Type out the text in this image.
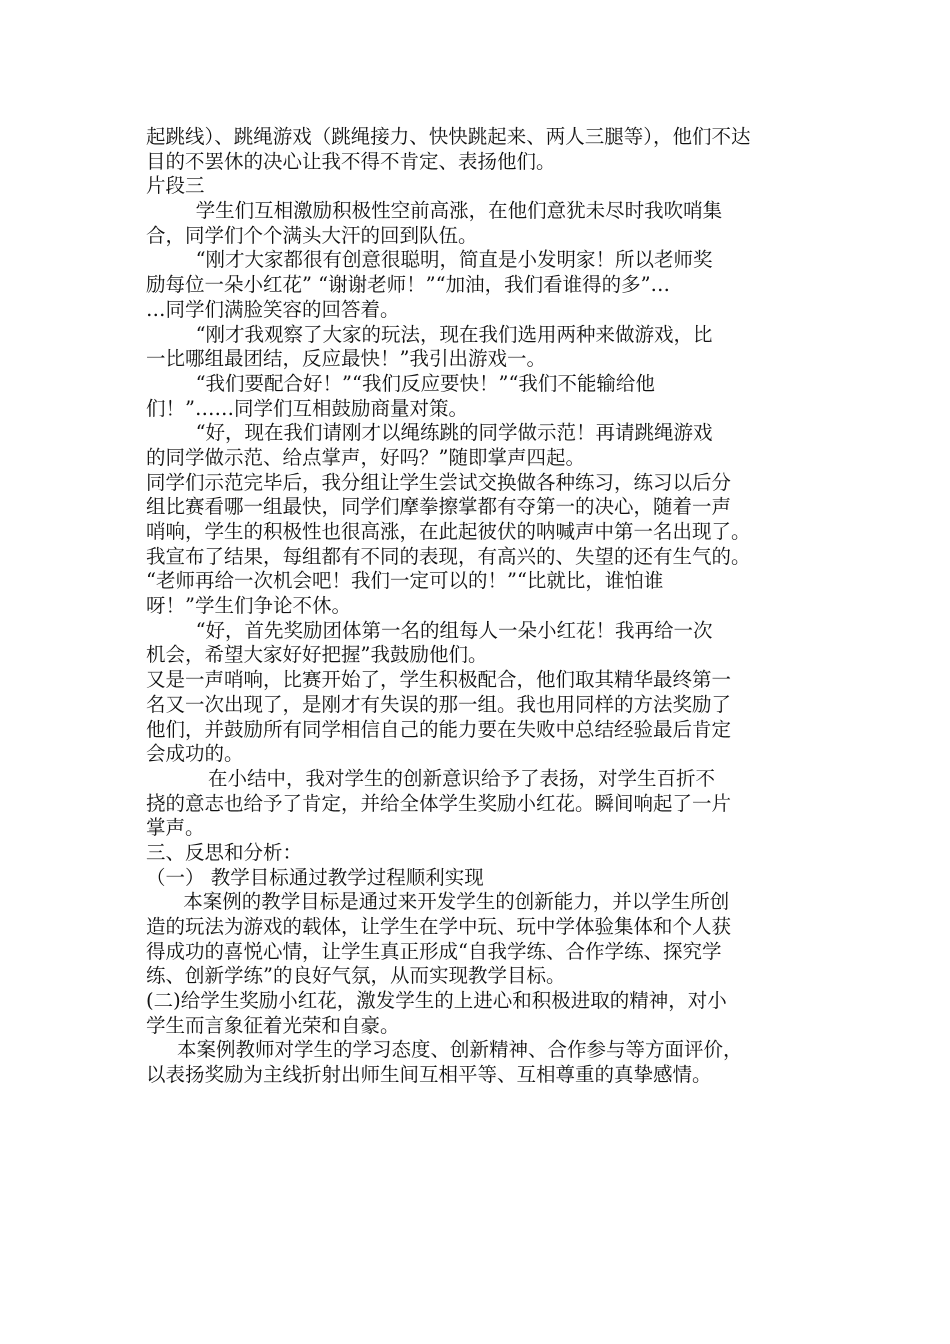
起跳线）、跳绳游戏（跳绳接力、快快跳起来、两人三腿等），他们不达
目的不罢休的决心让我不得不肯定、表扬他们。
片段三
学生们互相激励积极性空前高涨，在他们意犹未尽时我吹哨集
合，同学们个个满头大汗的回到队伍。
“刚才大家都很有创意很聪明，简直是小发明家！所以老师奖
励每位一朵小红花” “谢谢老师！”“加油，我们看谁得的多”…
…同学们满脸笑容的回答着。
“刚才我观察了大家的玩法，现在我们选用两种来做游戏，比
一比哪组最团结，反应最快！”我引出游戏一。
“我们要配合好！”“我们反应要快！”“我们不能输给他
们！”……同学们互相鼓励商量对策。
“好，现在我们请刚才以绳练跳的同学做示范！再请跳绳游戏
的同学做示范、给点掌声，好吗？”随即掌声四起。
同学们示范完毕后，我分组让学生尝试交换做各种练习，练习以后分
组比赛看哪一组最快，同学们摩拳擦掌都有夺第一的决心，随着一声
哨响，学生的积极性也很高涨，在此起彼伏的呐喊声中第一名出现了。
我宣布了结果，每组都有不同的表现，有高兴的、失望的还有生气的。
“老师再给一次机会吧！我们一定可以的！”“比就比，谁怕谁
呀！”学生们争论不休。
“好，首先奖励团体第一名的组每人一朵小红花！我再给一次
机会，希望大家好好把握”我鼓励他们。
又是一声哨响，比赛开始了，学生积极配合，他们取其精华最终第一
名又一次出现了，是刚才有失误的那一组。我也用同样的方法奖励了
他们，并鼓励所有同学相信自己的能力要在失败中总结经验最后肯定
会成功的。
在小结中，我对学生的创新意识给予了表扬，对学生百折不
挠的意志也给予了肯定，并给全体学生奖励小红花。瞬间响起了一片
掌声。
三、反思和分析：
（一） 教学目标通过教学过程顺利实现
本案例的教学目标是通过来开发学生的创新能力，并以学生所创
造的玩法为游戏的载体，让学生在学中玩、玩中学体验集体和个人获
得成功的喜悦心情，让学生真正形成“自我学练、合作学练、探究学
练、创新学练”的良好气氛，从而实现教学目标。
(二)给学生奖励小红花，激发学生的上进心和积极进取的精神，对小
学生而言象征着光荣和自豪。
本案例教师对学生的学习态度、创新精神、合作参与等方面评价，
以表扬奖励为主线折射出师生间互相平等、互相尊重的真挚感情。
